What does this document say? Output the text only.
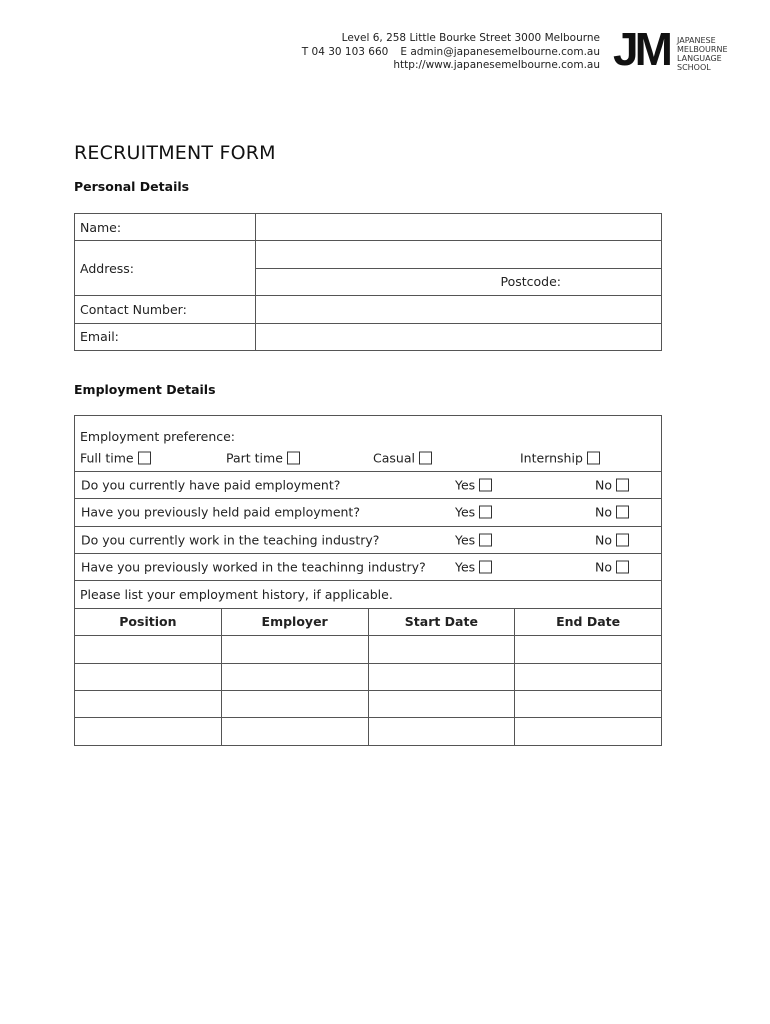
Level 6, 258 Little Bourke Street 3000 Melbourne
T 04 30 103 660 E admin@japanesemelbourne.com.au
http://www.japanesemelbourne.com.au JM JAPANESE
MELBOURNE
LANGUAGE
SCHOOL
RECRUITMENT FORM
Personal Details
Name:	
Address:	
	Postcode:
Contact Number:	
Email:	
Employment Details
Employment preference:			

Full time Part time Casual Internship			

Do you currently have paid employment? Yes No			

Have you previously held paid employment? Yes No			

Do you currently work in the teaching industry? Yes No			

Have you previously worked in the teachinng industry? Yes No			

Please list your employment history, if applicable.			
Position	Employer	Start Date	End Date
